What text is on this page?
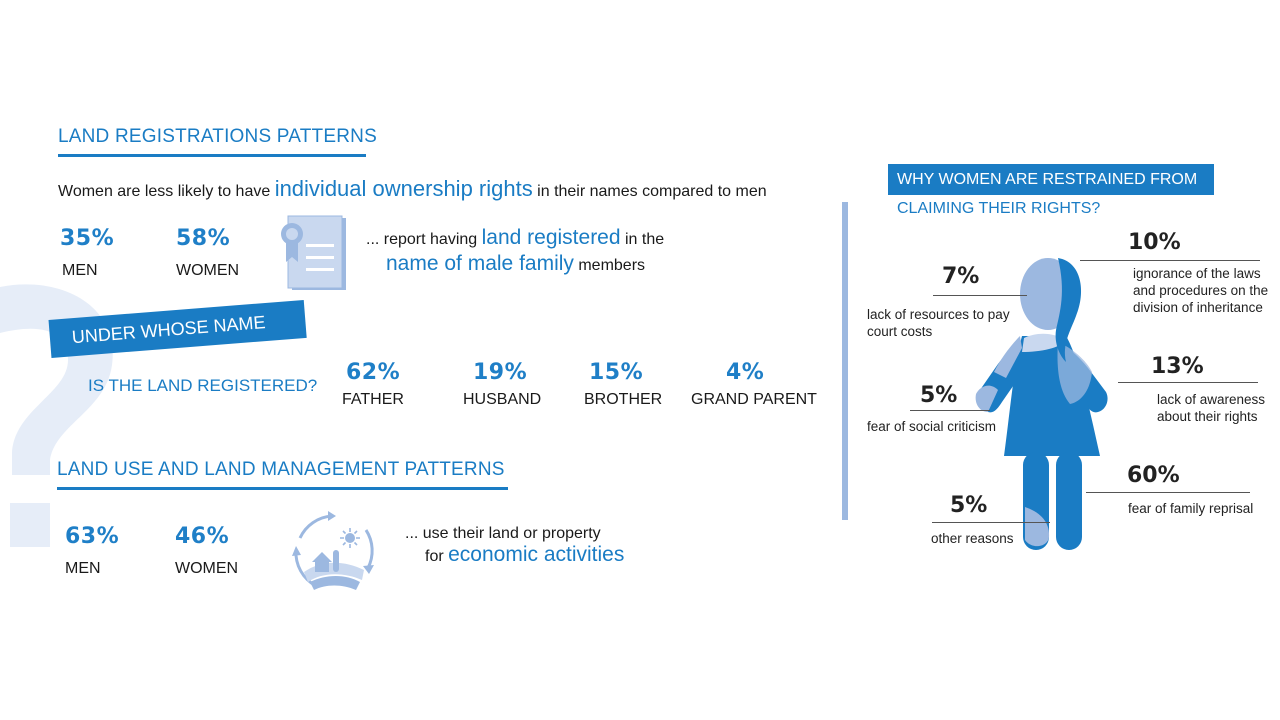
LAND REGISTRATIONS PATTERNS
Women are less likely to have individual ownership rights in their names compared to men
35%
MEN
58%
WOMEN
... report having land registered in the
name of male family members
UNDER WHOSE NAME
IS THE LAND REGISTERED?
62%
FATHER
19%
HUSBAND
15%
BROTHER
4%
GRAND PARENT
LAND USE AND LAND MANAGEMENT PATTERNS
63%
MEN
46%
WOMEN
... use their land or property
for economic activities
WHY WOMEN ARE RESTRAINED FROM
CLAIMING THEIR RIGHTS?
7%
lack of resources to pay court costs
5%
fear of social criticism
5%
other reasons
10%
ignorance of the laws and procedures on the division of inheritance
13%
lack of awareness about their rights
60%
fear of family reprisal
